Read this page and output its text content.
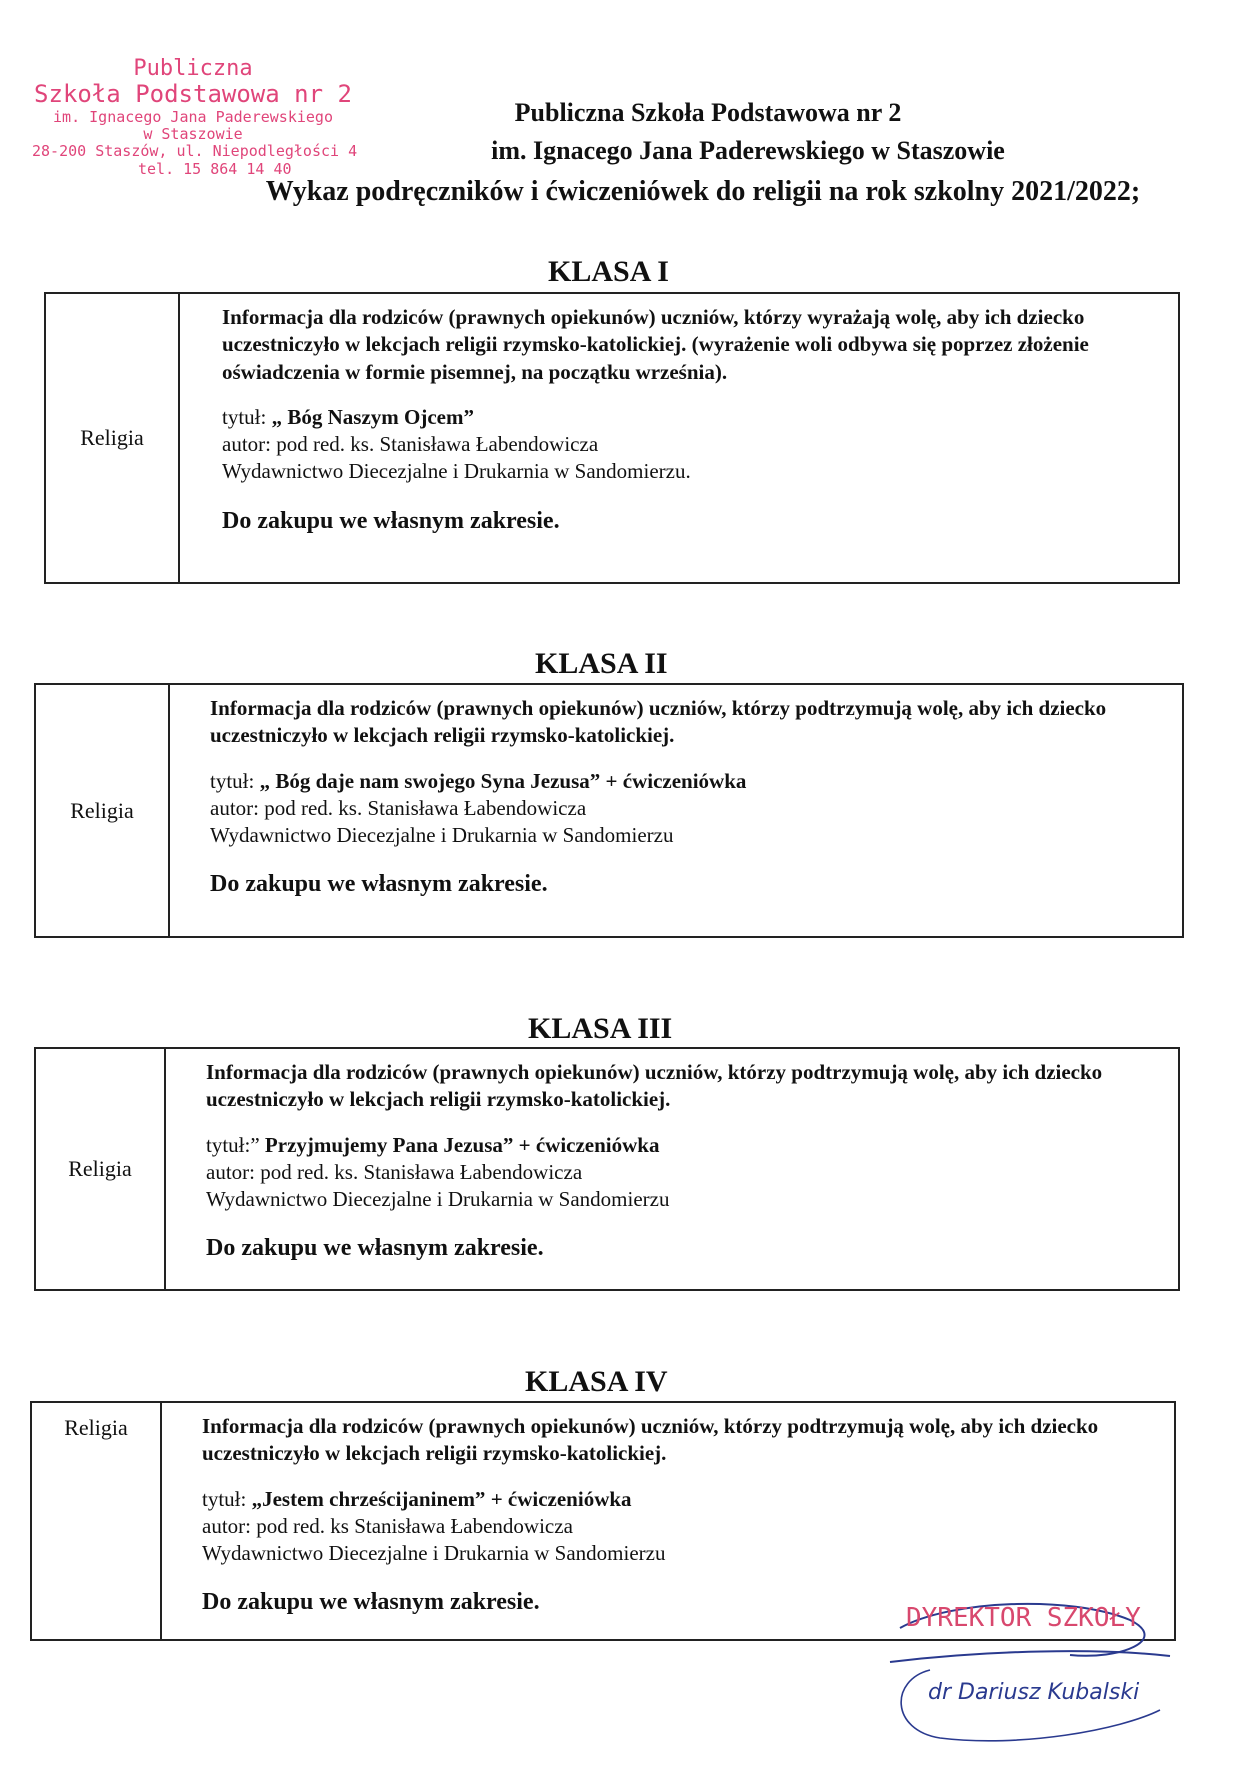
Publiczna
Szkoła Podstawowa nr 2
im. Ignacego Jana Paderewskiego
w Staszowie
28-200 Staszów, ul. Niepodległości 4
tel. 15 864 14 40
Publiczna Szkoła Podstawowa nr 2
im. Ignacego Jana Paderewskiego w Staszowie
Wykaz podręczników i ćwiczeniówek do religii na rok szkolny 2021/2022;
KLASA I
Religia

Informacja dla rodziców (prawnych opiekunów) uczniów, którzy wyrażają wolę, aby ich dziecko uczestniczyło w lekcjach religii rzymsko-katolickiej. (wyrażenie woli odbywa się poprzez złożenie oświadczenia w formie pisemnej, na początku września).

tytuł: „ Bóg Naszym Ojcem”

autor: pod red. ks. Stanisława Łabendowicza

Wydawnictwo Diecezjalne i Drukarnia w Sandomierzu.

Do zakupu we własnym zakresie.

KLASA II
Religia

Informacja dla rodziców (prawnych opiekunów) uczniów, którzy podtrzymują wolę, aby ich dziecko uczestniczyło w lekcjach religii rzymsko-katolickiej.

tytuł: „ Bóg daje nam swojego Syna Jezusa” + ćwiczeniówka

autor: pod red. ks. Stanisława Łabendowicza

Wydawnictwo Diecezjalne i Drukarnia w Sandomierzu

Do zakupu we własnym zakresie.

KLASA III
Religia

Informacja dla rodziców (prawnych opiekunów) uczniów, którzy podtrzymują wolę, aby ich dziecko uczestniczyło w lekcjach religii rzymsko-katolickiej.

tytuł:” Przyjmujemy Pana Jezusa” + ćwiczeniówka

autor: pod red. ks. Stanisława Łabendowicza

Wydawnictwo Diecezjalne i Drukarnia w Sandomierzu

Do zakupu we własnym zakresie.

KLASA IV
Religia	Informacja dla rodziców (prawnych opiekunów) uczniów, którzy podtrzymują wolę, aby ich dziecko uczestniczyło w lekcjach religii rzymsko-katolickiej.

tytuł: „Jestem chrześcijaninem” + ćwiczeniówka

autor: pod red. ks Stanisława Łabendowicza

Wydawnictwo Diecezjalne i Drukarnia w Sandomierzu

Do zakupu we własnym zakresie.

DYREKTOR SZKOŁY
dr Dariusz Kubalski
